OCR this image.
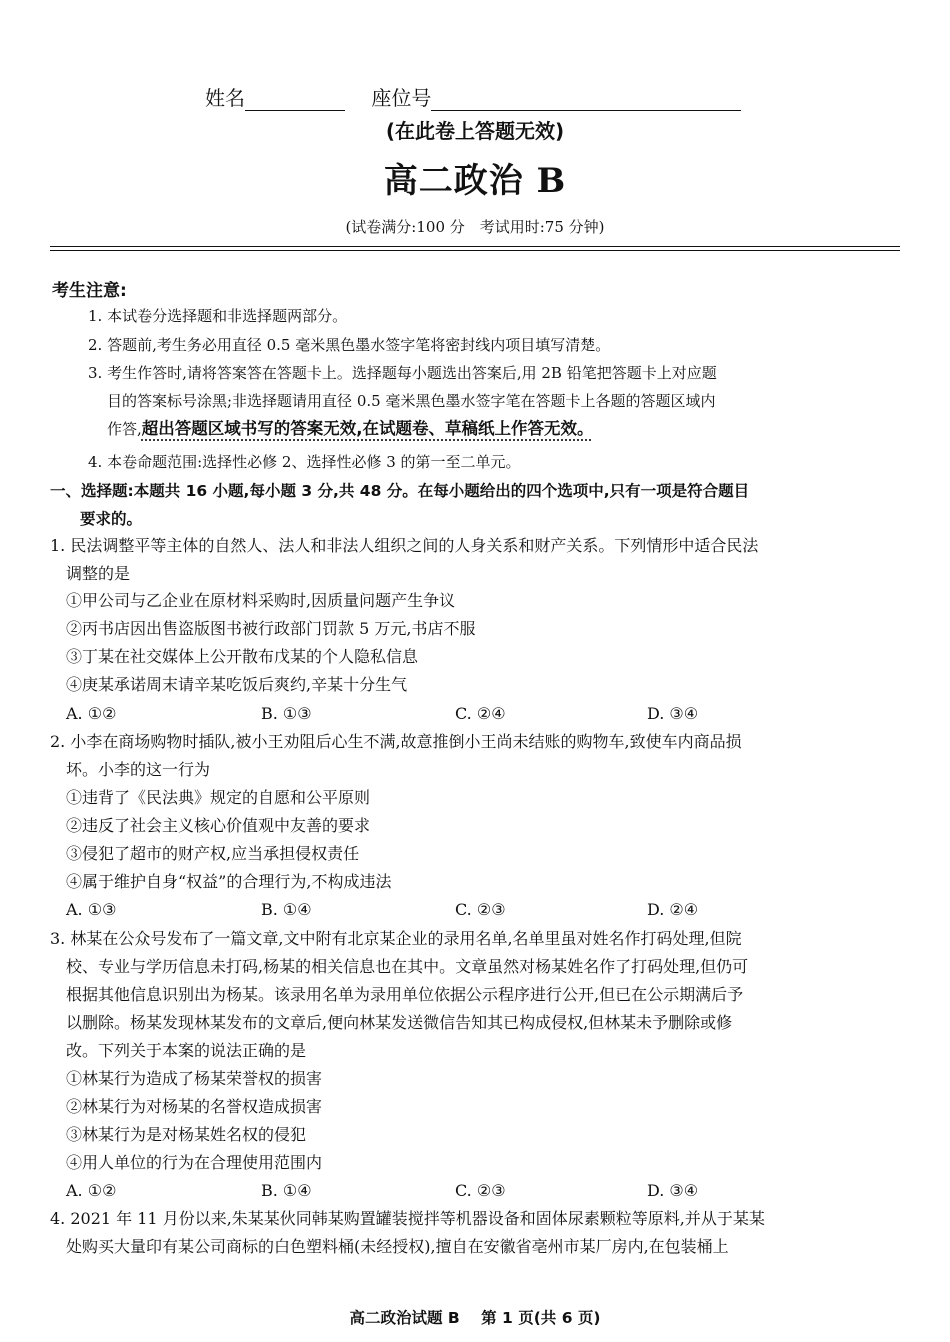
姓名	座位号
(在此卷上答题无效)
高二政治 B
(试卷满分:100 分　考试用时:75 分钟)
考生注意:
1. 本试卷分选择题和非选择题两部分。
2. 答题前,考生务必用直径 0.5 毫米黑色墨水签字笔将密封线内项目填写清楚。
3. 考生作答时,请将答案答在答题卡上。选择题每小题选出答案后,用 2B 铅笔把答题卡上对应题
目的答案标号涂黑;非选择题请用直径 0.5 毫米黑色墨水签字笔在答题卡上各题的答题区域内
作答,超出答题区域书写的答案无效,在试题卷、草稿纸上作答无效。
4. 本卷命题范围:选择性必修 2、选择性必修 3 的第一至二单元。
一、选择题:本题共 16 小题,每小题 3 分,共 48 分。在每小题给出的四个选项中,只有一项是符合题目
要求的。
1. 民法调整平等主体的自然人、法人和非法人组织之间的人身关系和财产关系。下列情形中适合民法
调整的是
①甲公司与乙企业在原材料采购时,因质量问题产生争议
②丙书店因出售盗版图书被行政部门罚款 5 万元,书店不服
③丁某在社交媒体上公开散布戊某的个人隐私信息
④庚某承诺周末请辛某吃饭后爽约,辛某十分生气
A. ①②	B. ①③	C. ②④	D. ③④
2. 小李在商场购物时插队,被小王劝阻后心生不满,故意推倒小王尚未结账的购物车,致使车内商品损
坏。小李的这一行为
①违背了《民法典》规定的自愿和公平原则
②违反了社会主义核心价值观中友善的要求
③侵犯了超市的财产权,应当承担侵权责任
④属于维护自身“权益”的合理行为,不构成违法
A. ①③	B. ①④	C. ②③	D. ②④
3. 林某在公众号发布了一篇文章,文中附有北京某企业的录用名单,名单里虽对姓名作打码处理,但院
校、专业与学历信息未打码,杨某的相关信息也在其中。文章虽然对杨某姓名作了打码处理,但仍可
根据其他信息识别出为杨某。该录用名单为录用单位依据公示程序进行公开,但已在公示期满后予
以删除。杨某发现林某发布的文章后,便向林某发送微信告知其已构成侵权,但林某未予删除或修
改。下列关于本案的说法正确的是
①林某行为造成了杨某荣誉权的损害
②林某行为对杨某的名誉权造成损害
③林某行为是对杨某姓名权的侵犯
④用人单位的行为在合理使用范围内
A. ①②	B. ①④	C. ②③	D. ③④
4. 2021 年 11 月份以来,朱某某伙同韩某购置罐装搅拌等机器设备和固体尿素颗粒等原料,并从于某某
处购买大量印有某公司商标的白色塑料桶(未经授权),擅自在安徽省亳州市某厂房内,在包装桶上
高二政治试题 B 第 1 页(共 6 页)
